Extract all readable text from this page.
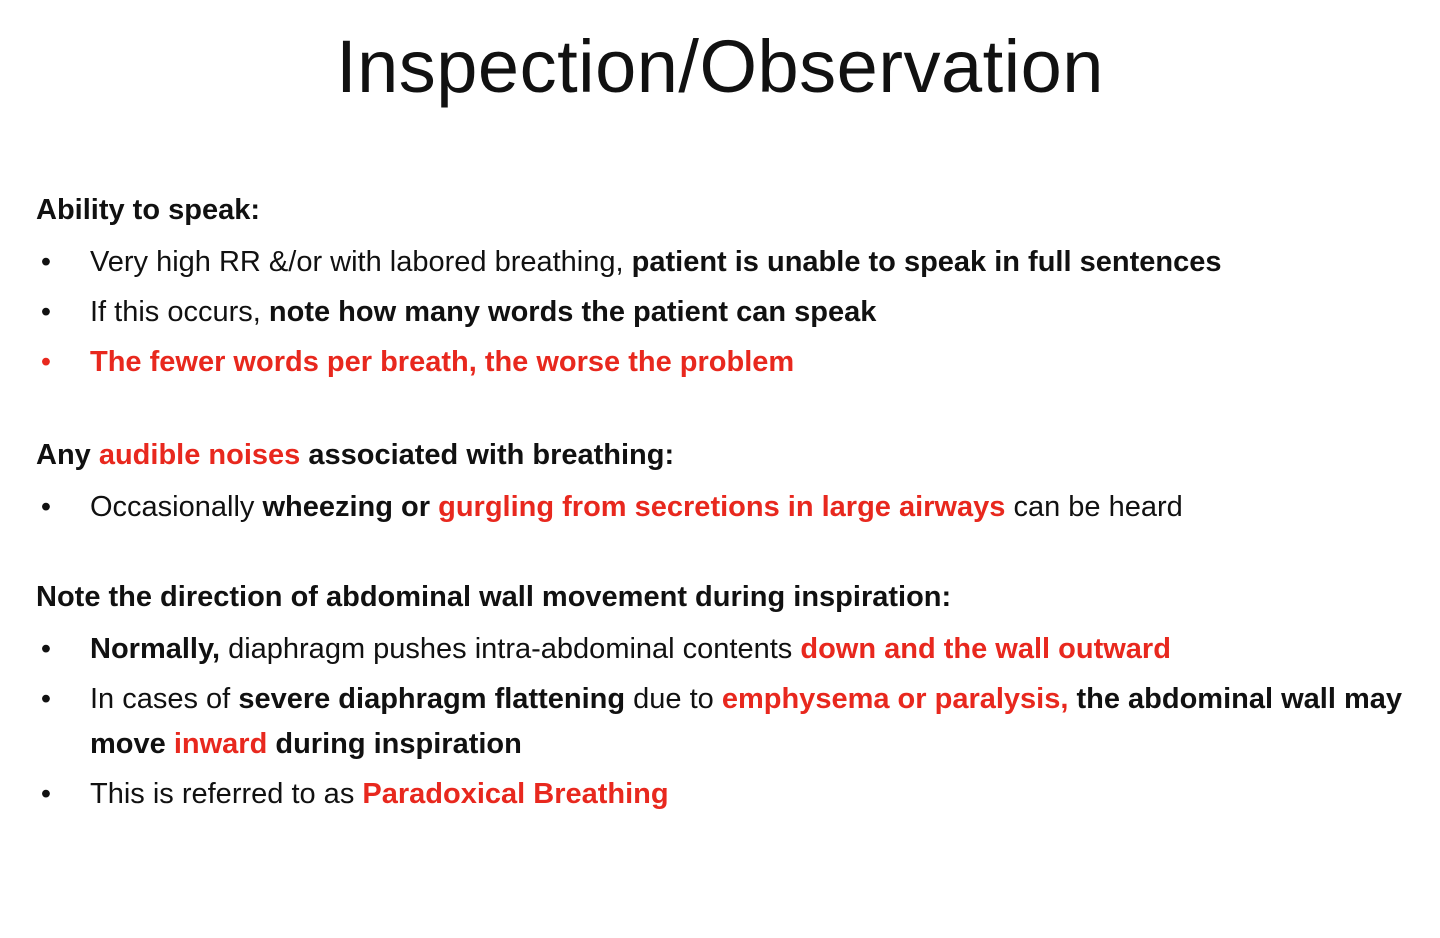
Inspection/Observation
Ability to speak:
• Very high RR &/or with labored breathing, patient is unable to speak in full sentences
• If this occurs, note how many words the patient can speak
• The fewer words per breath, the worse the problem
Any audible noises associated with breathing:
• Occasionally wheezing or gurgling from secretions in large airways can be heard
Note the direction of abdominal wall movement during inspiration:
• Normally, diaphragm pushes intra-abdominal contents down and the wall outward
• In cases of severe diaphragm flattening due to emphysema or paralysis, the abdominal wall may move inward during inspiration
• This is referred to as Paradoxical Breathing
